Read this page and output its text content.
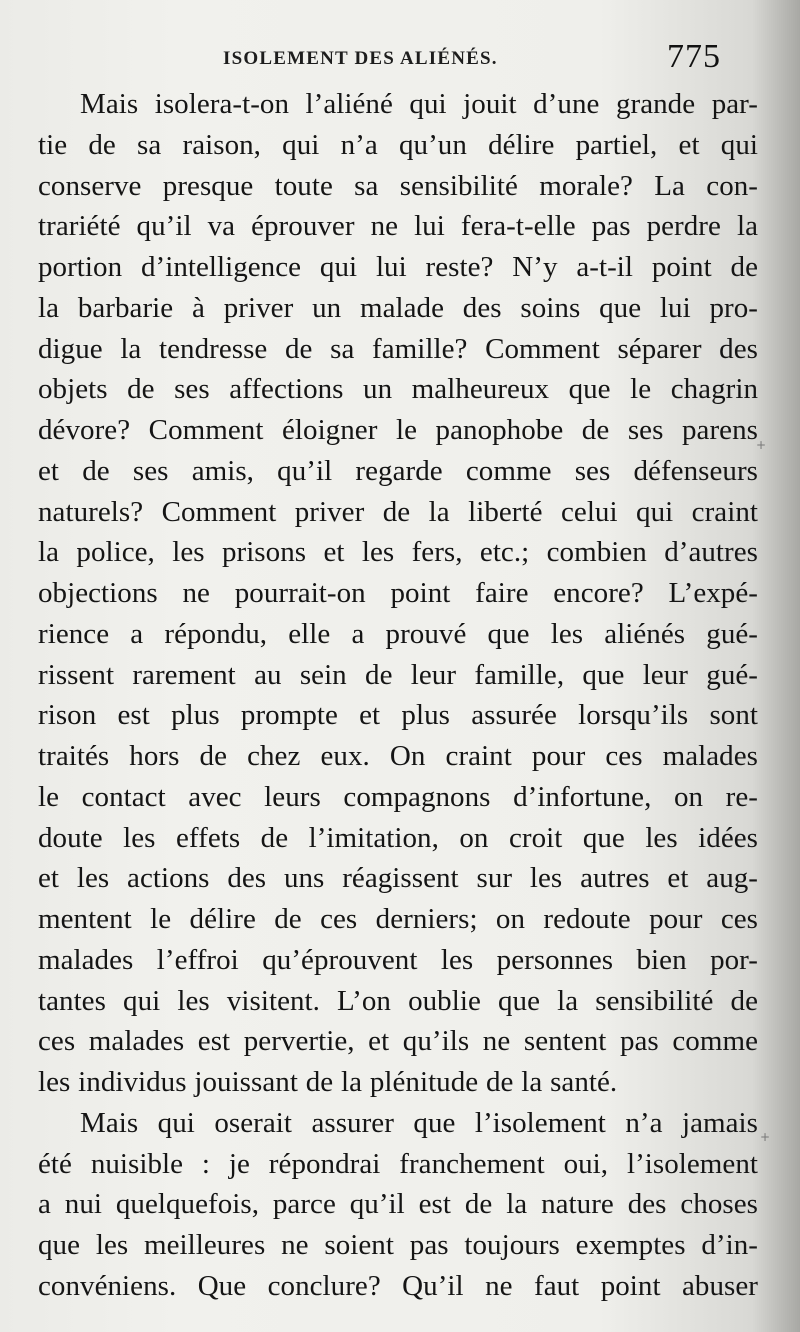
ISOLEMENT DES ALIÉNÉS.	775
Mais isolera-t-on l’aliéné qui jouit d’une grande par-
tie de sa raison, qui n’a qu’un délire partiel, et qui
conserve presque toute sa sensibilité morale? La con-
trariété qu’il va éprouver ne lui fera-t-elle pas perdre la
portion d’intelligence qui lui reste? N’y a-t-il point de
la barbarie à priver un malade des soins que lui pro-
digue la tendresse de sa famille? Comment séparer des
objets de ses affections un malheureux que le chagrin
dévore? Comment éloigner le panophobe de ses parens
et de ses amis, qu’il regarde comme ses défenseurs
naturels? Comment priver de la liberté celui qui craint
la police, les prisons et les fers, etc.; combien d’autres
objections ne pourrait-on point faire encore? L’expé-
rience a répondu, elle a prouvé que les aliénés gué-
rissent rarement au sein de leur famille, que leur gué-
rison est plus prompte et plus assurée lorsqu’ils sont
traités hors de chez eux. On craint pour ces malades
le contact avec leurs compagnons d’infortune, on re-
doute les effets de l’imitation, on croit que les idées
et les actions des uns réagissent sur les autres et aug-
mentent le délire de ces derniers; on redoute pour ces
malades l’effroi qu’éprouvent les personnes bien por-
tantes qui les visitent. L’on oublie que la sensibilité de
ces malades est pervertie, et qu’ils ne sentent pas comme
les individus jouissant de la plénitude de la santé.
Mais qui oserait assurer que l’isolement n’a jamais
été nuisible : je répondrai franchement oui, l’isolement
a nui quelquefois, parce qu’il est de la nature des choses
que les meilleures ne soient pas toujours exemptes d’in-
convéniens. Que conclure? Qu’il ne faut point abuser
+
+
